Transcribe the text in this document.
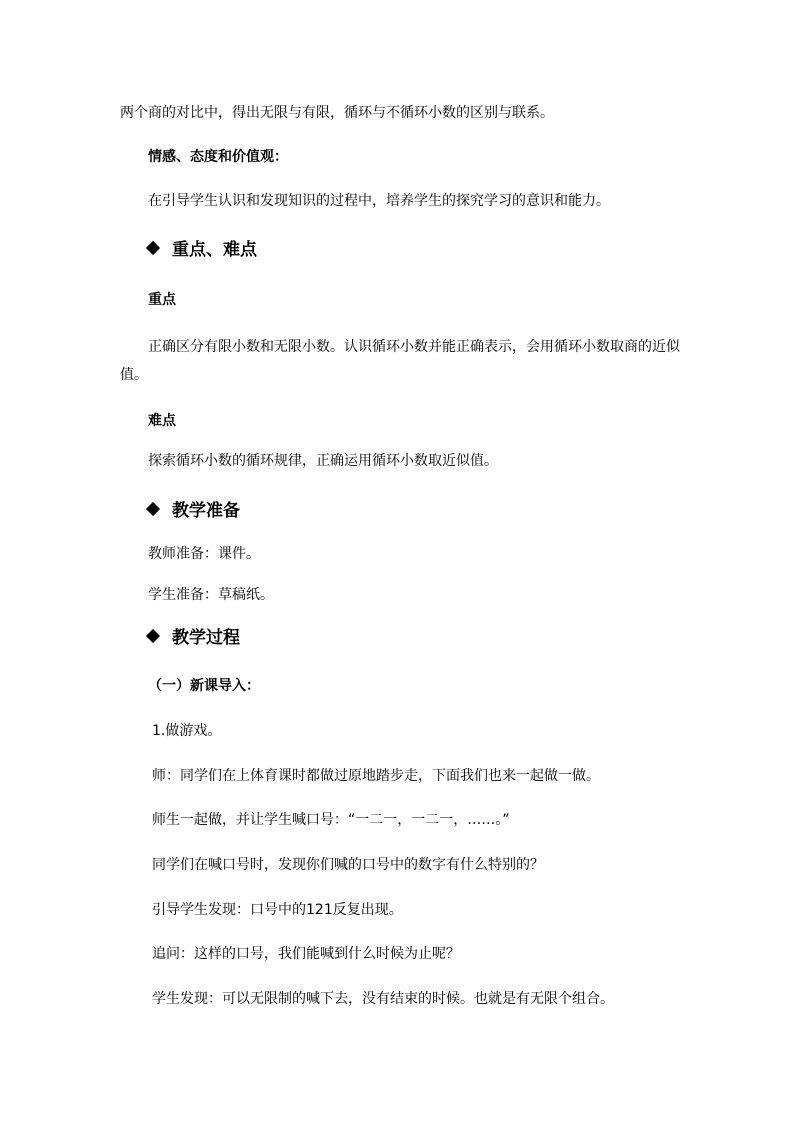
两个商的对比中，得出无限与有限，循环与不循环小数的区别与联系。
情感、态度和价值观：
在引导学生认识和发现知识的过程中，培养学生的探究学习的意识和能力。
重点、难点
重点
正确区分有限小数和无限小数。认识循环小数并能正确表示，会用循环小数取商的近似
值。
难点
探索循环小数的循环规律，正确运用循环小数取近似值。
教学准备
教师准备：课件。
学生准备：草稿纸。
教学过程
（一）新课导入：
1.做游戏。
师：同学们在上体育课时都做过原地踏步走，下面我们也来一起做一做。
师生一起做，并让学生喊口号：“一二一，一二一，……。”
同学们在喊口号时，发现你们喊的口号中的数字有什么特别的？
引导学生发现：口号中的121反复出现。
追问：这样的口号，我们能喊到什么时候为止呢？
学生发现：可以无限制的喊下去，没有结束的时候。也就是有无限个组合。
